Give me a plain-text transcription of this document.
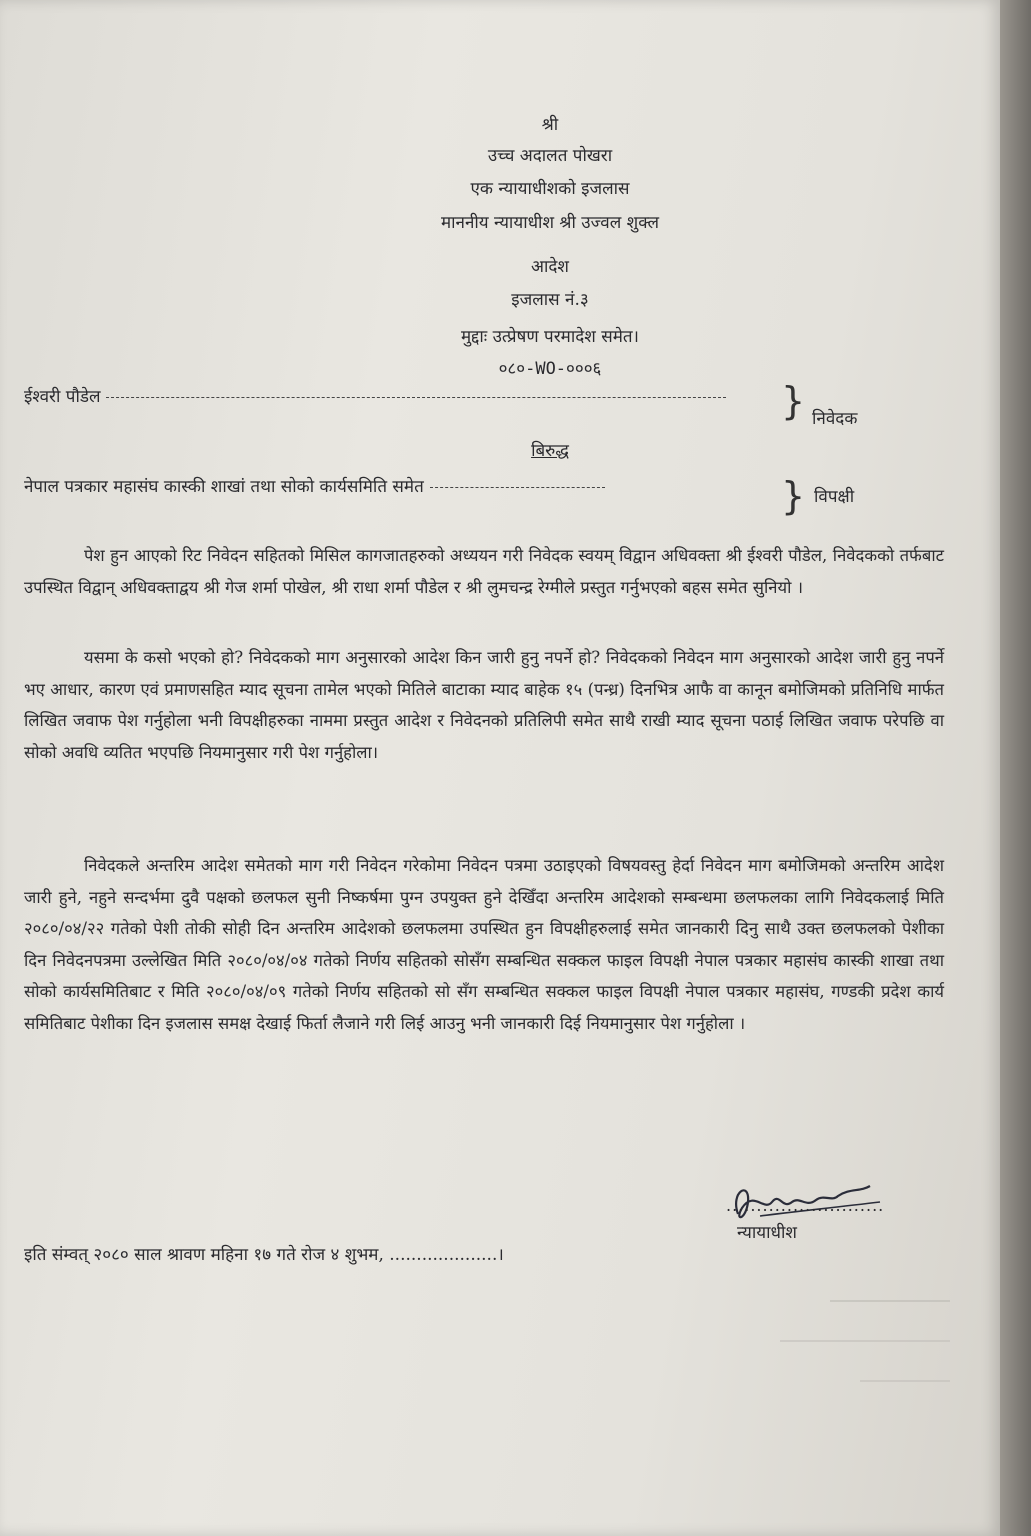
श्री
उच्च अदालत पोखरा
एक न्यायाधीशको इजलास
माननीय न्यायाधीश श्री उज्वल शुक्ल
आदेश
इजलास नं.३
मुद्दाः उत्प्रेषण परमादेश समेत।
०८०-WO-०००६
ईश्वरी पौडेल	} निवेदक
बिरुद्ध
नेपाल पत्रकार महासंघ कास्की शाखां तथा सोको कार्यसमिति समेत	} विपक्षी
पेश हुन आएको रिट निवेदन सहितको मिसिल कागजातहरुको अध्ययन गरी निवेदक स्वयम् विद्वान अधिवक्ता श्री ईश्वरी पौडेल, निवेदकको तर्फबाट उपस्थित विद्वान् अधिवक्ताद्वय श्री गेज शर्मा पोखेल, श्री राधा शर्मा पौडेल र श्री लुमचन्द्र रेग्मीले प्रस्तुत गर्नुभएको बहस समेत सुनियो ।
यसमा के कसो भएको हो? निवेदकको माग अनुसारको आदेश किन जारी हुनु नपर्ने हो? निवेदकको निवेदन माग अनुसारको आदेश जारी हुनु नपर्ने भए आधार, कारण एवं प्रमाणसहित म्याद सूचना तामेल भएको मितिले बाटाका म्याद बाहेक १५ (पन्ध्र) दिनभित्र आफै वा कानून बमोजिमको प्रतिनिधि मार्फत लिखित जवाफ पेश गर्नुहोला भनी विपक्षीहरुका नाममा प्रस्तुत आदेश र निवेदनको प्रतिलिपी समेत साथै राखी म्याद सूचना पठाई लिखित जवाफ परेपछि वा सोको अवधि व्यतित भएपछि नियमानुसार गरी पेश गर्नुहोला।
निवेदकले अन्तरिम आदेश समेतको माग गरी निवेदन गरेकोमा निवेदन पत्रमा उठाइएको विषयवस्तु हेर्दा निवेदन माग बमोजिमको अन्तरिम आदेश जारी हुने, नहुने सन्दर्भमा दुवै पक्षको छलफल सुनी निष्कर्षमा पुग्न उपयुक्त हुने देखिँदा अन्तरिम आदेशको सम्बन्धमा छलफलका लागि निवेदकलाई मिति २०८०/०४/२२ गतेको पेशी तोकी सोही दिन अन्तरिम आदेशको छलफलमा उपस्थित हुन विपक्षीहरुलाई समेत जानकारी दिनु साथै उक्त छलफलको पेशीका दिन निवेदनपत्रमा उल्लेखित मिति २०८०/०४/०४ गतेको निर्णय सहितको सोसँग सम्बन्धित सक्कल फाइल विपक्षी नेपाल पत्रकार महासंघ कास्की शाखा तथा सोको कार्यसमितिबाट र मिति २०८०/०४/०९ गतेको निर्णय सहितको सो सँग सम्बन्धित सक्कल फाइल विपक्षी नेपाल पत्रकार महासंघ, गण्डकी प्रदेश कार्य समितिबाट पेशीका दिन इजलास समक्ष देखाई फिर्ता लैजाने गरी लिई आउनु भनी जानकारी दिई नियमानुसार पेश गर्नुहोला ।
..........................
न्यायाधीश
इति संम्वत् २०८० साल श्रावण महिना १७ गते रोज ४ शुभम, ....................।
